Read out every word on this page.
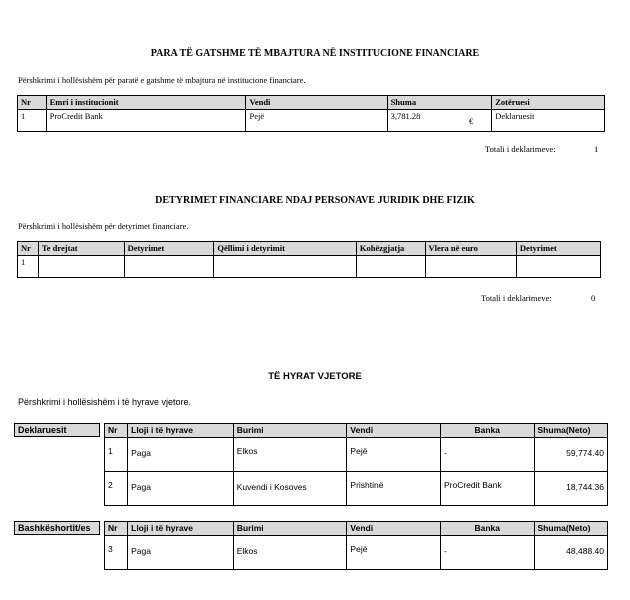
PARA TË GATSHME TË MBAJTURA NË INSTITUCIONE FINANCIARE
Përshkrimi i hollësishëm për paratë e gatshme të mbajtura në institucione financiare.
Nr	Emri i institucionit	Vendi	Shuma	Zotëruesi
1	ProCredit Bank	Pejë	3,781.28 €	Deklaruesit
Totali i deklarimeve:	1
DETYRIMET FINANCIARE NDAJ PERSONAVE JURIDIK DHE FIZIK
Përshkrimi i hollësishëm për detyrimet financiare.
Nr	Te drejtat	Detyrimet	Qëllimi i detyrimit	Kohëzgjatja	Vlera në euro	Detyrimet
1						
Totali i deklarimeve:	0
TË HYRAT VJETORE
Përshkrimi i hollësishëm i të hyrave vjetore.
Deklaruesit	Nr	Lloji i të hyrave	Burimi	Vendi	Banka	Shuma(Neto)
1	Paga	Elkos	Pejë	-	59,774.40
2	Paga	Kuvendi i Kosoves	Prishtinë	ProCredit Bank	18,744.36
Bashkëshortit/es	Nr	Lloji i të hyrave	Burimi	Vendi	Banka	Shuma(Neto)
3	Paga	Elkos	Pejë	-	48,488.40
